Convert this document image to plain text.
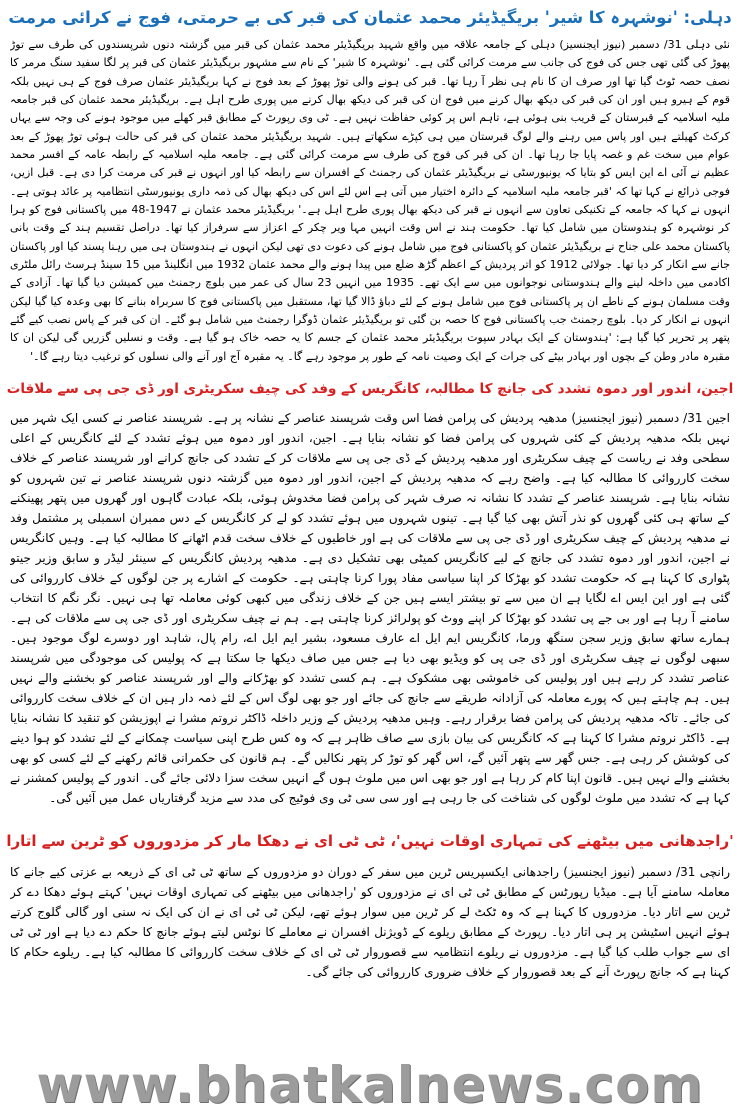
دہلی: 'نوشہرہ کا شیر' بریگیڈیئر محمد عثمان کی قبر کی بے حرمتی، فوج نے کرائی مرمت

نئی دہلی 31/ دسمبر (نیوز ایجنسیز) دہلی کے جامعہ علاقہ میں واقع شہید بریگیڈیئر محمد عثمان کی قبر میں گزشتہ دنوں شرپسندوں کی طرف سے توڑ پھوڑ کی گئی تھی جس کی فوج کی جانب سے مرمت کرائی گئی ہے۔ 'نوشہرہ کا شیر' کے نام سے مشہور بریگیڈیئر عثمان کی قبر پر لگا سفید سنگ مرمر کا نصف حصہ ٹوٹ گیا تھا اور صرف ان کا نام ہی نظر آ رہا تھا۔ قبر کی ہونے والی توڑ پھوڑ کے بعد فوج نے کہا بریگیڈیئر عثمان صرف فوج کے ہی نہیں بلکہ قوم کے ہیرو ہیں اور ان کی قبر کی دیکھ بھال کرنے میں فوج ان کی قبر کی دیکھ بھال کرنے میں پوری طرح اہل ہے۔ بریگیڈیئر محمد عثمان کی قبر جامعہ ملیہ اسلامیہ کے قبرستان کے قریب بنی ہوئی ہے، تاہم اس پر کوئی حفاظت نہیں ہے۔ ٹی وی رپورٹ کے مطابق قبر کھلے میں موجود ہونے کی وجہ سے یہاں کرکٹ کھیلتے ہیں اور پاس میں رہنے والے لوگ قبرستان میں ہی کپڑے سکھاتے ہیں۔ شہید بریگیڈیئر محمد عثمان کی قبر کی حالت ہوئی توڑ پھوڑ کے بعد عوام میں سخت غم و غصہ پایا جا رہا تھا۔ ان کی قبر کی فوج کی طرف سے مرمت کرائی گئی ہے۔ جامعہ ملیہ اسلامیہ کے رابطہ عامہ کے افسر محمد عظیم نے آئی اے این ایس کو بتایا کہ یونیورسٹی نے بریگیڈیئر عثمان کی رجمنٹ کے افسران سے رابطہ کیا اور انہوں نے قبر کی مرمت کرا دی ہے۔ قبل ازیں، فوجی ذرائع نے کہا تھا کہ 'قبر جامعہ ملیہ اسلامیہ کے دائرہ اختیار میں آتی ہے اس لئے اس کی دیکھ بھال کی ذمہ داری یونیورسٹی انتظامیہ پر عائد ہوتی ہے۔ انہوں نے کہا کہ جامعہ کے تکنیکی تعاون سے انہوں نے قبر کی دیکھ بھال پوری طرح اہل ہے۔' بریگیڈیئر محمد عثمان نے 1947-48 میں پاکستانی فوج کو ہرا کر نوشہرہ کو ہندوستان میں شامل کیا تھا۔ حکومت ہند نے اس وقت انہیں مہا ویر چکر کے اعزاز سے سرفراز کیا تھا۔ دراصل تقسیم ہند کے وقت بانی پاکستان محمد علی جناح نے بریگیڈیئر عثمان کو پاکستانی فوج میں شامل ہونے کی دعوت دی تھی لیکن انہوں نے ہندوستان ہی میں رہنا پسند کیا اور پاکستان جانے سے انکار کر دیا تھا۔ جولائی 1912 کو اتر پردیش کے اعظم گڑھ ضلع میں پیدا ہونے والے محمد عثمان 1932 میں انگلینڈ میں 15 سینڈ ہرسٹ رائل ملٹری اکادمی میں داخلہ لینے والے ہندوستانی نوجوانوں میں سے ایک تھے۔ 1935 میں انہیں 23 سال کی عمر میں بلوچ رجمنٹ میں کمیشن دیا گیا تھا۔ آزادی کے وقت مسلمان ہونے کے ناطے ان پر پاکستانی فوج میں شامل ہونے کے لئے دباؤ ڈالا گیا تھا، مستقبل میں پاکستانی فوج کا سربراہ بنانے کا بھی وعدہ کیا گیا لیکن انہوں نے انکار کر دیا۔ بلوچ رجمنٹ جب پاکستانی فوج کا حصہ بن گئی تو بریگیڈیئر عثمان ڈوگرا رجمنٹ میں شامل ہو گئے۔ ان کی قبر کے پاس نصب کیے گئے پتھر پر تحریر کیا گیا ہے: 'ہندوستان کے ایک بہادر سپوت بریگیڈیئر محمد عثمان کے جسم کا یہ حصہ خاک ہو گیا ہے۔ وقت و نسلیں گزریں گی لیکن ان کا مقبرہ مادر وطن کے بچوں اور بہادر بیٹے کی جرات کے ایک وصیت نامہ کے طور پر موجود رہے گا۔ یہ مقبرہ آج اور آنے والی نسلوں کو ترغیب دیتا رہے گا۔'

اجین، اندور اور دموہ تشدد کی جانچ کا مطالبہ، کانگریس کے وفد کی چیف سکریٹری اور ڈی جی پی سے ملاقات

اجین 31/ دسمبر (نیوز ایجنسیز) مدھیہ پردیش کی پرامن فضا اس وقت شرپسند عناصر کے نشانہ پر ہے۔ شرپسند عناصر نے کسی ایک شہر میں نہیں بلکہ مدھیہ پردیش کے کئی شہروں کی پرامن فضا کو نشانہ بنایا ہے۔ اجین، اندور اور دموہ میں ہوئے تشدد کے لئے کانگریس کے اعلی سطحی وفد نے ریاست کے چیف سکریٹری اور مدھیہ پردیش کے ڈی جی پی سے ملاقات کر کے تشدد کی جانچ کرانے اور شرپسند عناصر کے خلاف سخت کارروائی کا مطالبہ کیا ہے۔ واضح رہے کہ مدھیہ پردیش کے اجین، اندور اور دموہ میں گزشتہ دنوں شرپسند عناصر نے تین شہروں کو نشانہ بنایا ہے۔ شرپسند عناصر کے تشدد کا نشانہ نہ صرف شہر کی پرامن فضا مخدوش ہوئی، بلکہ عبادت گاہوں اور گھروں میں پتھر پھینکنے کے ساتھ ہی کئی گھروں کو نذر آتش بھی کیا گیا ہے۔ تینوں شہروں میں ہوئے تشدد کو لے کر کانگریس کے دس ممبران اسمبلی پر مشتمل وفد نے مدھیہ پردیش کے چیف سکریٹری اور ڈی جی پی سے ملاقات کی ہے اور خاطیوں کے خلاف سخت قدم اٹھانے کا مطالبہ کیا ہے۔ وہیں کانگریس نے اجین، اندور اور دموہ تشدد کی جانچ کے لیے کانگریس کمیٹی بھی تشکیل دی ہے۔ مدھیہ پردیش کانگریس کے سینئر لیڈر و سابق وزیر جیتو پٹواری کا کہنا ہے کہ حکومت تشدد کو بھڑکا کر اپنا سیاسی مفاد پورا کرنا چاہتی ہے۔ حکومت کے اشارے پر جن لوگوں کے خلاف کارروائی کی گئی ہے اور این ایس اے لگایا ہے ان میں سے تو بیشتر ایسے ہیں جن کے خلاف زندگی میں کبھی کوئی معاملہ تھا ہی نہیں۔ نگر نگم کا انتخاب سامنے آ رہا ہے اور بی جے پی تشدد کو بھڑکا کر اپنے ووٹ کو پولرائز کرنا چاہتی ہے۔ ہم نے چیف سکریٹری اور ڈی جی پی سے ملاقات کی ہے۔ ہمارے ساتھ سابق وزیر سجن سنگھ ورما، کانگریس ایم ایل اے عارف مسعود، بشیر ایم ایل اے، رام پال، شاہد اور دوسرے لوگ موجود ہیں۔ سبھی لوگوں نے چیف سکریٹری اور ڈی جی پی کو ویڈیو بھی دیا ہے جس میں صاف دیکھا جا سکتا ہے کہ پولیس کی موجودگی میں شرپسند عناصر تشدد کر رہے ہیں اور پولیس کی خاموشی بھی مشکوک ہے۔ ہم کسی تشدد کو بھڑکانے والے اور شرپسند عناصر کو بخشنے والے نہیں ہیں۔ ہم چاہتے ہیں کہ پورے معاملہ کی آزادانہ طریقے سے جانچ کی جائے اور جو بھی لوگ اس کے لئے ذمہ دار ہیں ان کے خلاف سخت کارروائی کی جائے۔ تاکہ مدھیہ پردیش کی پرامن فضا برقرار رہے۔ وہیں مدھیہ پردیش کے وزیر داخلہ ڈاکٹر نروتم مشرا نے اپوزیشن کو تنقید کا نشانہ بنایا ہے۔ ڈاکٹر نروتم مشرا کا کہنا ہے کہ کانگریس کی بیان بازی سے صاف ظاہر ہے کہ وہ کس طرح اپنی سیاست چمکانے کے لئے تشدد کو ہوا دینے کی کوشش کر رہی ہے۔ جس گھر سے پتھر آئیں گے، اس گھر کو توڑ کر پتھر نکالیں گے۔ ہم قانون کی حکمرانی قائم رکھنے کے لئے کسی کو بھی بخشنے والے نہیں ہیں۔ قانون اپنا کام کر رہا ہے اور جو بھی اس میں ملوث ہوں گے انہیں سخت سزا دلائی جائے گی۔ اندور کے پولیس کمشنر نے کہا ہے کہ تشدد میں ملوث لوگوں کی شناخت کی جا رہی ہے اور سی سی ٹی وی فوٹیج کی مدد سے مزید گرفتاریاں عمل میں آئیں گی۔

'راجدھانی میں بیٹھنے کی تمہاری اوقات نہیں'، ٹی ٹی ای نے دھکا مار کر مزدوروں کو ٹرین سے اتارا

رانچی 31/ دسمبر (نیوز ایجنسیز) راجدھانی ایکسپریس ٹرین میں سفر کے دوران دو مزدوروں کے ساتھ ٹی ٹی ای کے ذریعہ بے عزتی کیے جانے کا معاملہ سامنے آیا ہے۔ میڈیا رپورٹس کے مطابق ٹی ٹی ای نے مزدوروں کو 'راجدھانی میں بیٹھنے کی تمہاری اوقات نہیں' کہتے ہوئے دھکا دے کر ٹرین سے اتار دیا۔ مزدوروں کا کہنا ہے کہ وہ ٹکٹ لے کر ٹرین میں سوار ہوئے تھے، لیکن ٹی ٹی ای نے ان کی ایک نہ سنی اور گالی گلوج کرتے ہوئے انہیں اسٹیشن پر ہی اتار دیا۔ رپورٹ کے مطابق ریلوے کے ڈویژنل افسران نے معاملے کا نوٹس لیتے ہوئے جانچ کا حکم دے دیا ہے اور ٹی ٹی ای سے جواب طلب کیا گیا ہے۔ مزدوروں نے ریلوے انتظامیہ سے قصوروار ٹی ٹی ای کے خلاف سخت کارروائی کا مطالبہ کیا ہے۔ ریلوے حکام کا کہنا ہے کہ جانچ رپورٹ آنے کے بعد قصوروار کے خلاف ضروری کارروائی کی جائے گی۔

www.bhatkalnews.com
